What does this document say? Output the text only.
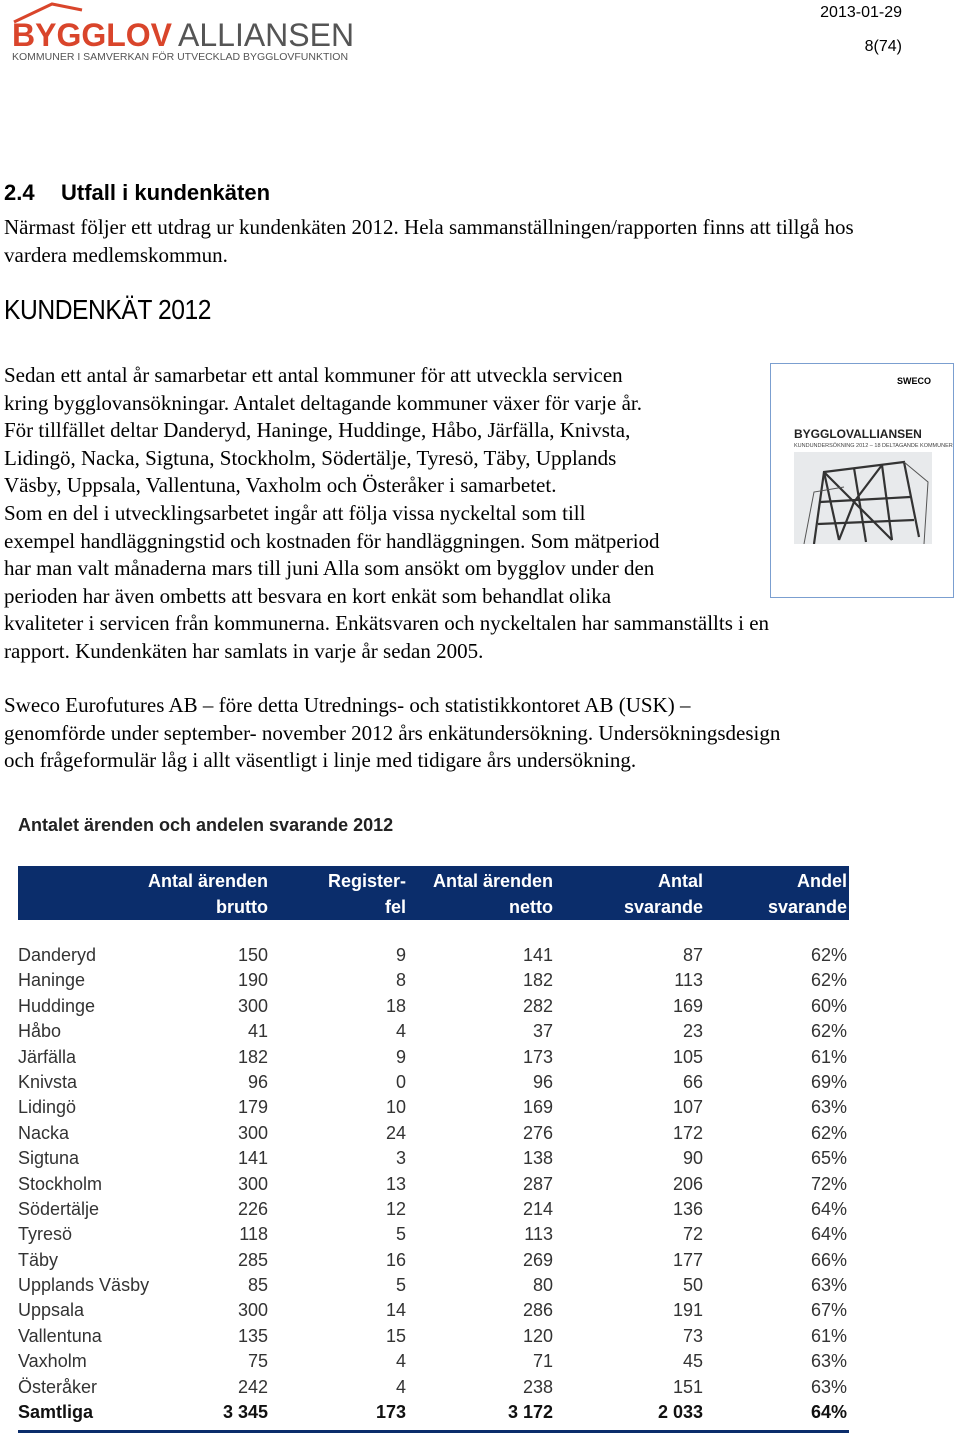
BYGGLOV ALLIANSEN
KOMMUNER I SAMVERKAN FÖR UTVECKLAD BYGGLOVFUNKTION
2013-01-29
8(74)
2.4 Utfall i kundenkäten

Närmast följer ett utdrag ur kundenkäten 2012. Hela sammanställningen/rapporten finns att tillgå hos vardera medlemskommun.

KUNDENKÄT 2012
Sedan ett antal år samarbetar ett antal kommuner för att utveckla servicen
kring bygglovansökningar. Antalet deltagande kommuner växer för varje år.
För tillfället deltar Danderyd, Haninge, Huddinge, Håbo, Järfälla, Knivsta,
Lidingö, Nacka, Sigtuna, Stockholm, Södertälje, Tyresö, Täby, Upplands
Väsby, Uppsala, Vallentuna, Vaxholm och Österåker i samarbetet.
Som en del i utvecklingsarbetet ingår att följa vissa nyckeltal som till
exempel handläggningstid och kostnaden för handläggningen. Som mätperiod
har man valt månaderna mars till juni Alla som ansökt om bygglov under den
perioden har även ombetts att besvara en kort enkät som behandlat olika
kvaliteter i servicen från kommunerna. Enkätsvaren och nyckeltalen har sammanställts i en
rapport. Kundenkäten har samlats in varje år sedan 2005.
SWECO
BYGGLOVALLIANSEN
KUNDUNDERSÖKNING 2012 – 18 DELTAGANDE KOMMUNER
Sweco Eurofutures AB – före detta Utrednings- och statistikkontoret AB (USK) –
genomförde under september- november 2012 års enkätundersökning. Undersökningsdesign
och frågeformulär låg i allt väsentligt i linje med tidigare års undersökning.
Antalet ärenden och andelen svarande 2012
Antal ärenden
brutto
Register-
fel
Antal ärenden
netto
Antal
svarande
Andel
svarande
Danderyd	150	9	141	87	62%
Haninge	190	8	182	113	62%
Huddinge	300	18	282	169	60%
Håbo	41	4	37	23	62%
Järfälla	182	9	173	105	61%
Knivsta	96	0	96	66	69%
Lidingö	179	10	169	107	63%
Nacka	300	24	276	172	62%
Sigtuna	141	3	138	90	65%
Stockholm	300	13	287	206	72%
Södertälje	226	12	214	136	64%
Tyresö	118	5	113	72	64%
Täby	285	16	269	177	66%
Upplands Väsby	85	5	80	50	63%
Uppsala	300	14	286	191	67%
Vallentuna	135	15	120	73	61%
Vaxholm	75	4	71	45	63%
Österåker	242	4	238	151	63%
Samtliga	3 345	173	3 172	2 033	64%
